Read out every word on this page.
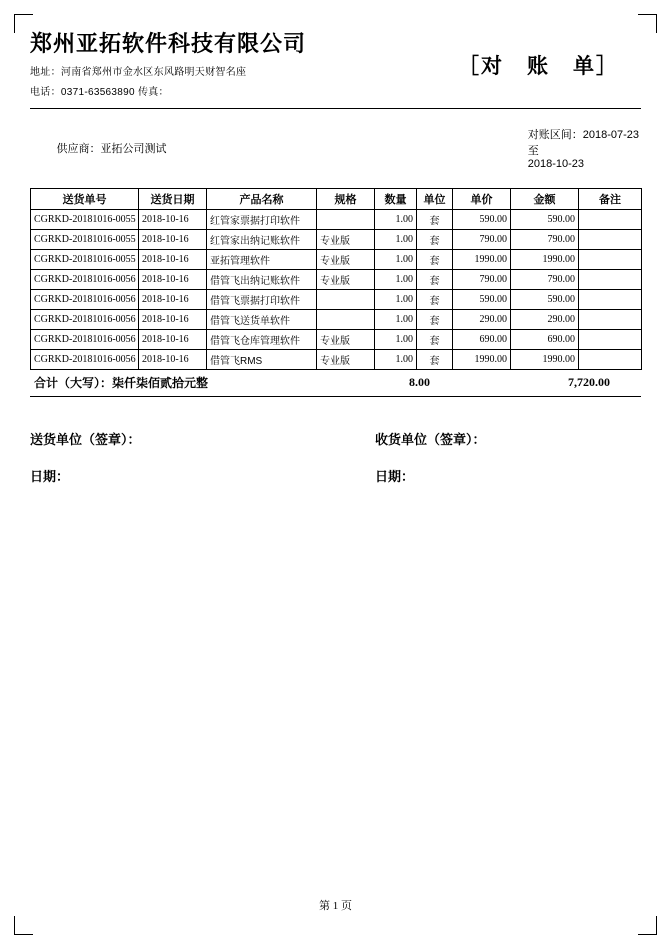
郑州亚拓软件科技有限公司
地址：河南省郑州市金水区东风路明天财智名座
电话：0371-63563890 传真：
［对　账　单］

供应商：亚拓公司测试

对账区间：2018-07-23
至
2018-10-23

送货单号	送货日期	产品名称	规格	数量	单位	单价	金额	备注
CGRKD-20181016-0055	2018-10-16	红管家票据打印软件		1.00	套	590.00	590.00	
CGRKD-20181016-0055	2018-10-16	红管家出纳记账软件	专业版	1.00	套	790.00	790.00	
CGRKD-20181016-0055	2018-10-16	亚拓管理软件	专业版	1.00	套	1990.00	1990.00	
CGRKD-20181016-0056	2018-10-16	借管飞出纳记账软件	专业版	1.00	套	790.00	790.00	
CGRKD-20181016-0056	2018-10-16	借管飞票据打印软件		1.00	套	590.00	590.00	
CGRKD-20181016-0056	2018-10-16	借管飞送货单软件		1.00	套	290.00	290.00	
CGRKD-20181016-0056	2018-10-16	借管飞仓库管理软件	专业版	1.00	套	690.00	690.00	
CGRKD-20181016-0056	2018-10-16	借管飞RMS	专业版	1.00	套	1990.00	1990.00	
合计（大写）：柒仟柒佰贰拾元整	8.00	7,720.00
送货单位（签章）：	收货单位（签章）：
日期：	日期：
第 1 页
